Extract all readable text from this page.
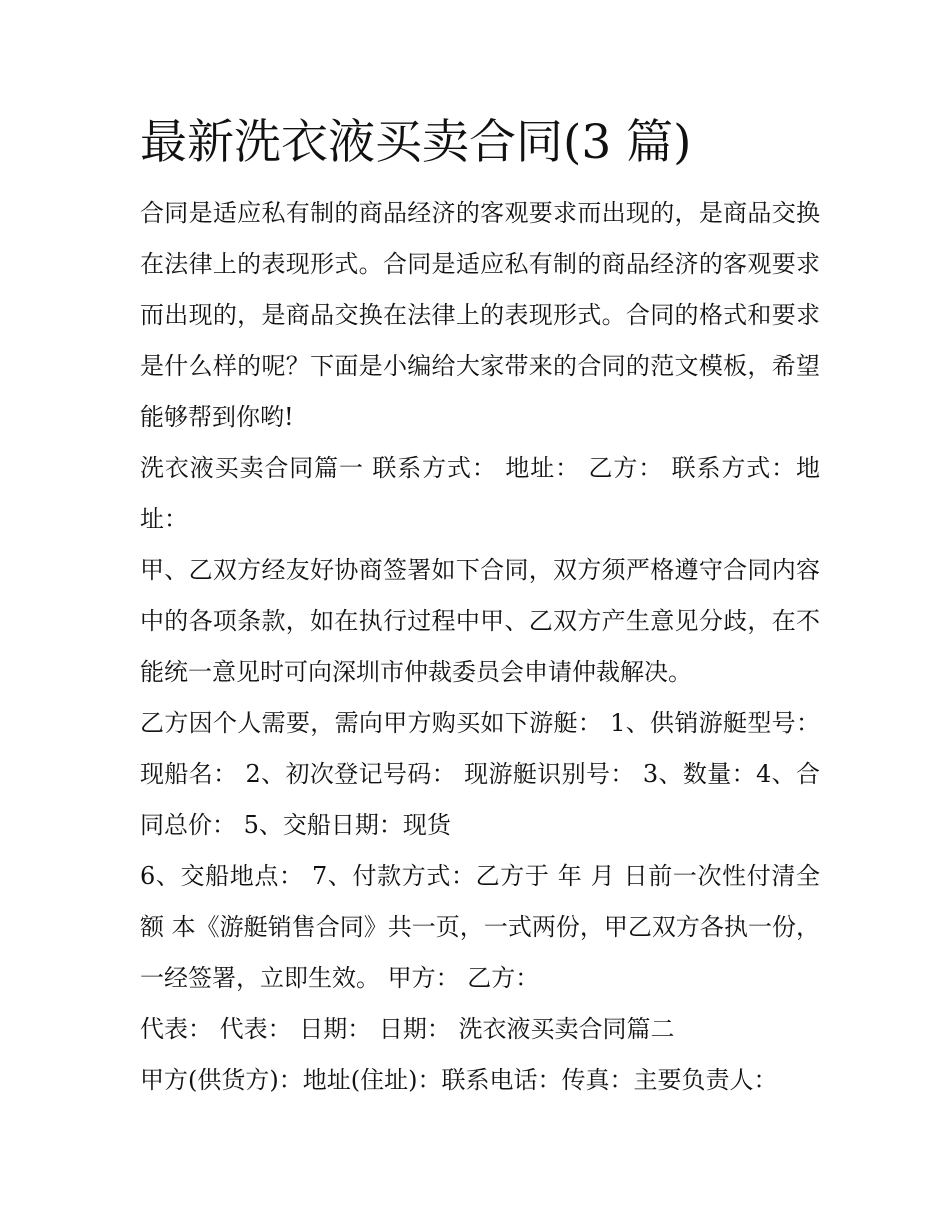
最新洗衣液买卖合同(3 篇)

合同是适应私有制的商品经济的客观要求而出现的，是商品交换在法律上的表现形式。合同是适应私有制的商品经济的客观要求而出现的，是商品交换在法律上的表现形式。合同的格式和要求是什么样的呢？下面是小编给大家带来的合同的范文模板，希望能够帮到你哟!

洗衣液买卖合同篇一 联系方式： 地址： 乙方： 联系方式：地址：

甲、乙双方经友好协商签署如下合同，双方须严格遵守合同内容中的各项条款，如在执行过程中甲、乙双方产生意见分歧，在不能统一意见时可向深圳市仲裁委员会申请仲裁解决。

乙方因个人需要，需向甲方购买如下游艇： 1、供销游艇型号： 现船名： 2、初次登记号码： 现游艇识别号： 3、数量：4、合同总价： 5、交船日期：现货

6、交船地点： 7、付款方式：乙方于 年 月 日前一次性付清全额 本《游艇销售合同》共一页，一式两份，甲乙双方各执一份，一经签署，立即生效。 甲方： 乙方：

代表： 代表： 日期： 日期： 洗衣液买卖合同篇二

甲方(供货方)：地址(住址)：联系电话：传真：主要负责人：
